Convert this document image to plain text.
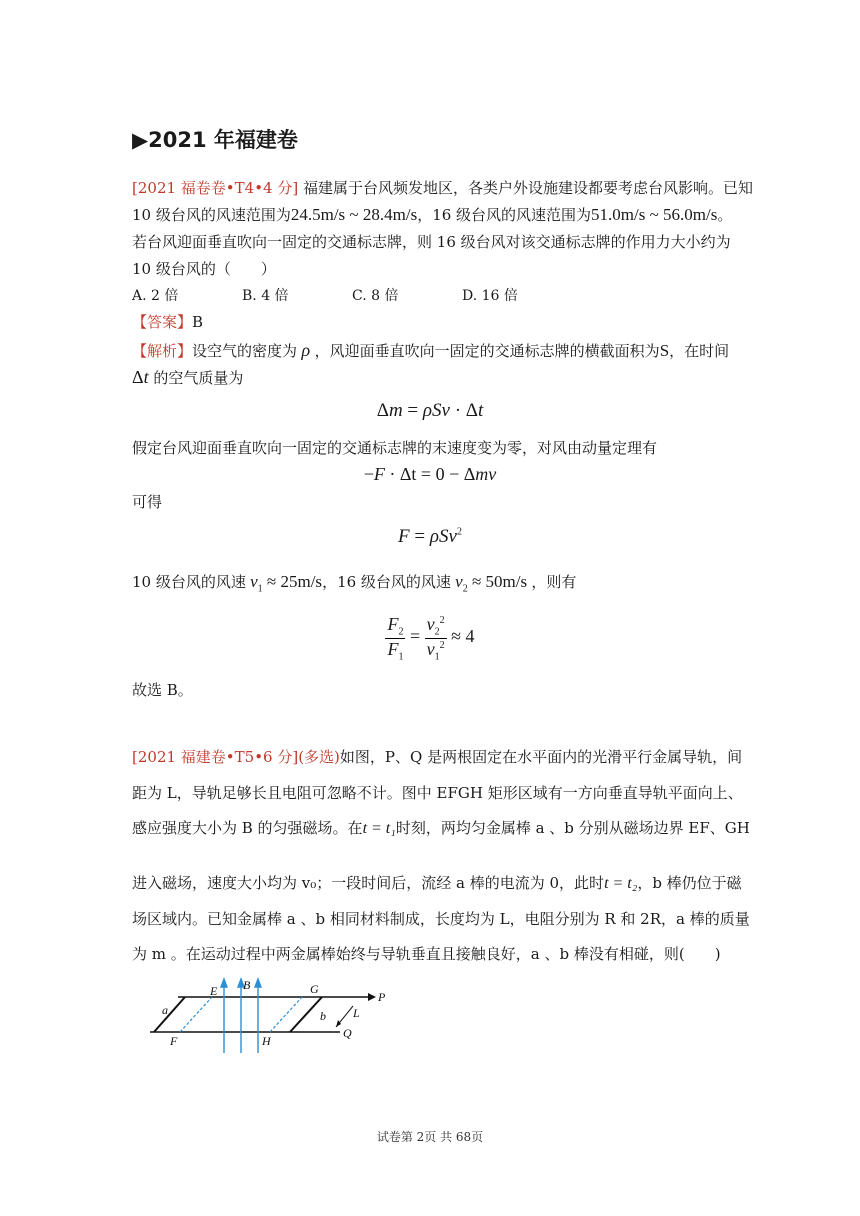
▶2021 年福建卷
[2021 福卷卷•T4•4 分] 福建属于台风频发地区，各类户外设施建设都要考虑台风影响。已知
10 级台风的风速范围为24.5m/s ~ 28.4m/s，16 级台风的风速范围为51.0m/s ~ 56.0m/s。
若台风迎面垂直吹向一固定的交通标志牌，则 16 级台风对该交通标志牌的作用力大小约为
10 级台风的（　　）
A. 2 倍	B. 4 倍	C. 8 倍	D. 16 倍
【答案】B
【解析】设空气的密度为 ρ ，风迎面垂直吹向一固定的交通标志牌的横截面积为S，在时间
Δt 的空气质量为
Δm = ρSv · Δt
假定台风迎面垂直吹向一固定的交通标志牌的末速度变为零，对风由动量定理有
−F · Δt = 0 − Δmv
可得
F = ρSv$^2$
10 级台风的风速 $v_1 \approx 25m/s$，16 级台风的风速 $v_2 \approx 50m/s$ ，则有
$\frac{F_2}{F_1} = \frac{v_2^2}{v_1^2} \approx 4$
故选 B。
[2021 福建卷•T5•6 分](多选)如图，P、Q 是两根固定在水平面内的光滑平行金属导轨，间
距为 L，导轨足够长且电阻可忽略不计。图中 EFGH 矩形区域有一方向垂直导轨平面向上、
感应强度大小为 B 的匀强磁场。在t = t₁时刻，两均匀金属棒 a 、b 分别从磁场边界 EF、GH
进入磁场，速度大小均为 v₀；一段时间后，流经 a 棒的电流为 0，此时t = t₂，b 棒仍位于磁
场区域内。已知金属棒 a 、b 相同材料制成，长度均为 L，电阻分别为 R 和 2R，a 棒的质量
为 m 。在运动过程中两金属棒始终与导轨垂直且接触良好，a 、b 棒没有相碰，则(　　)
E B	G
P
a	b L
Q
F	H
试卷第 2页 共 68页
